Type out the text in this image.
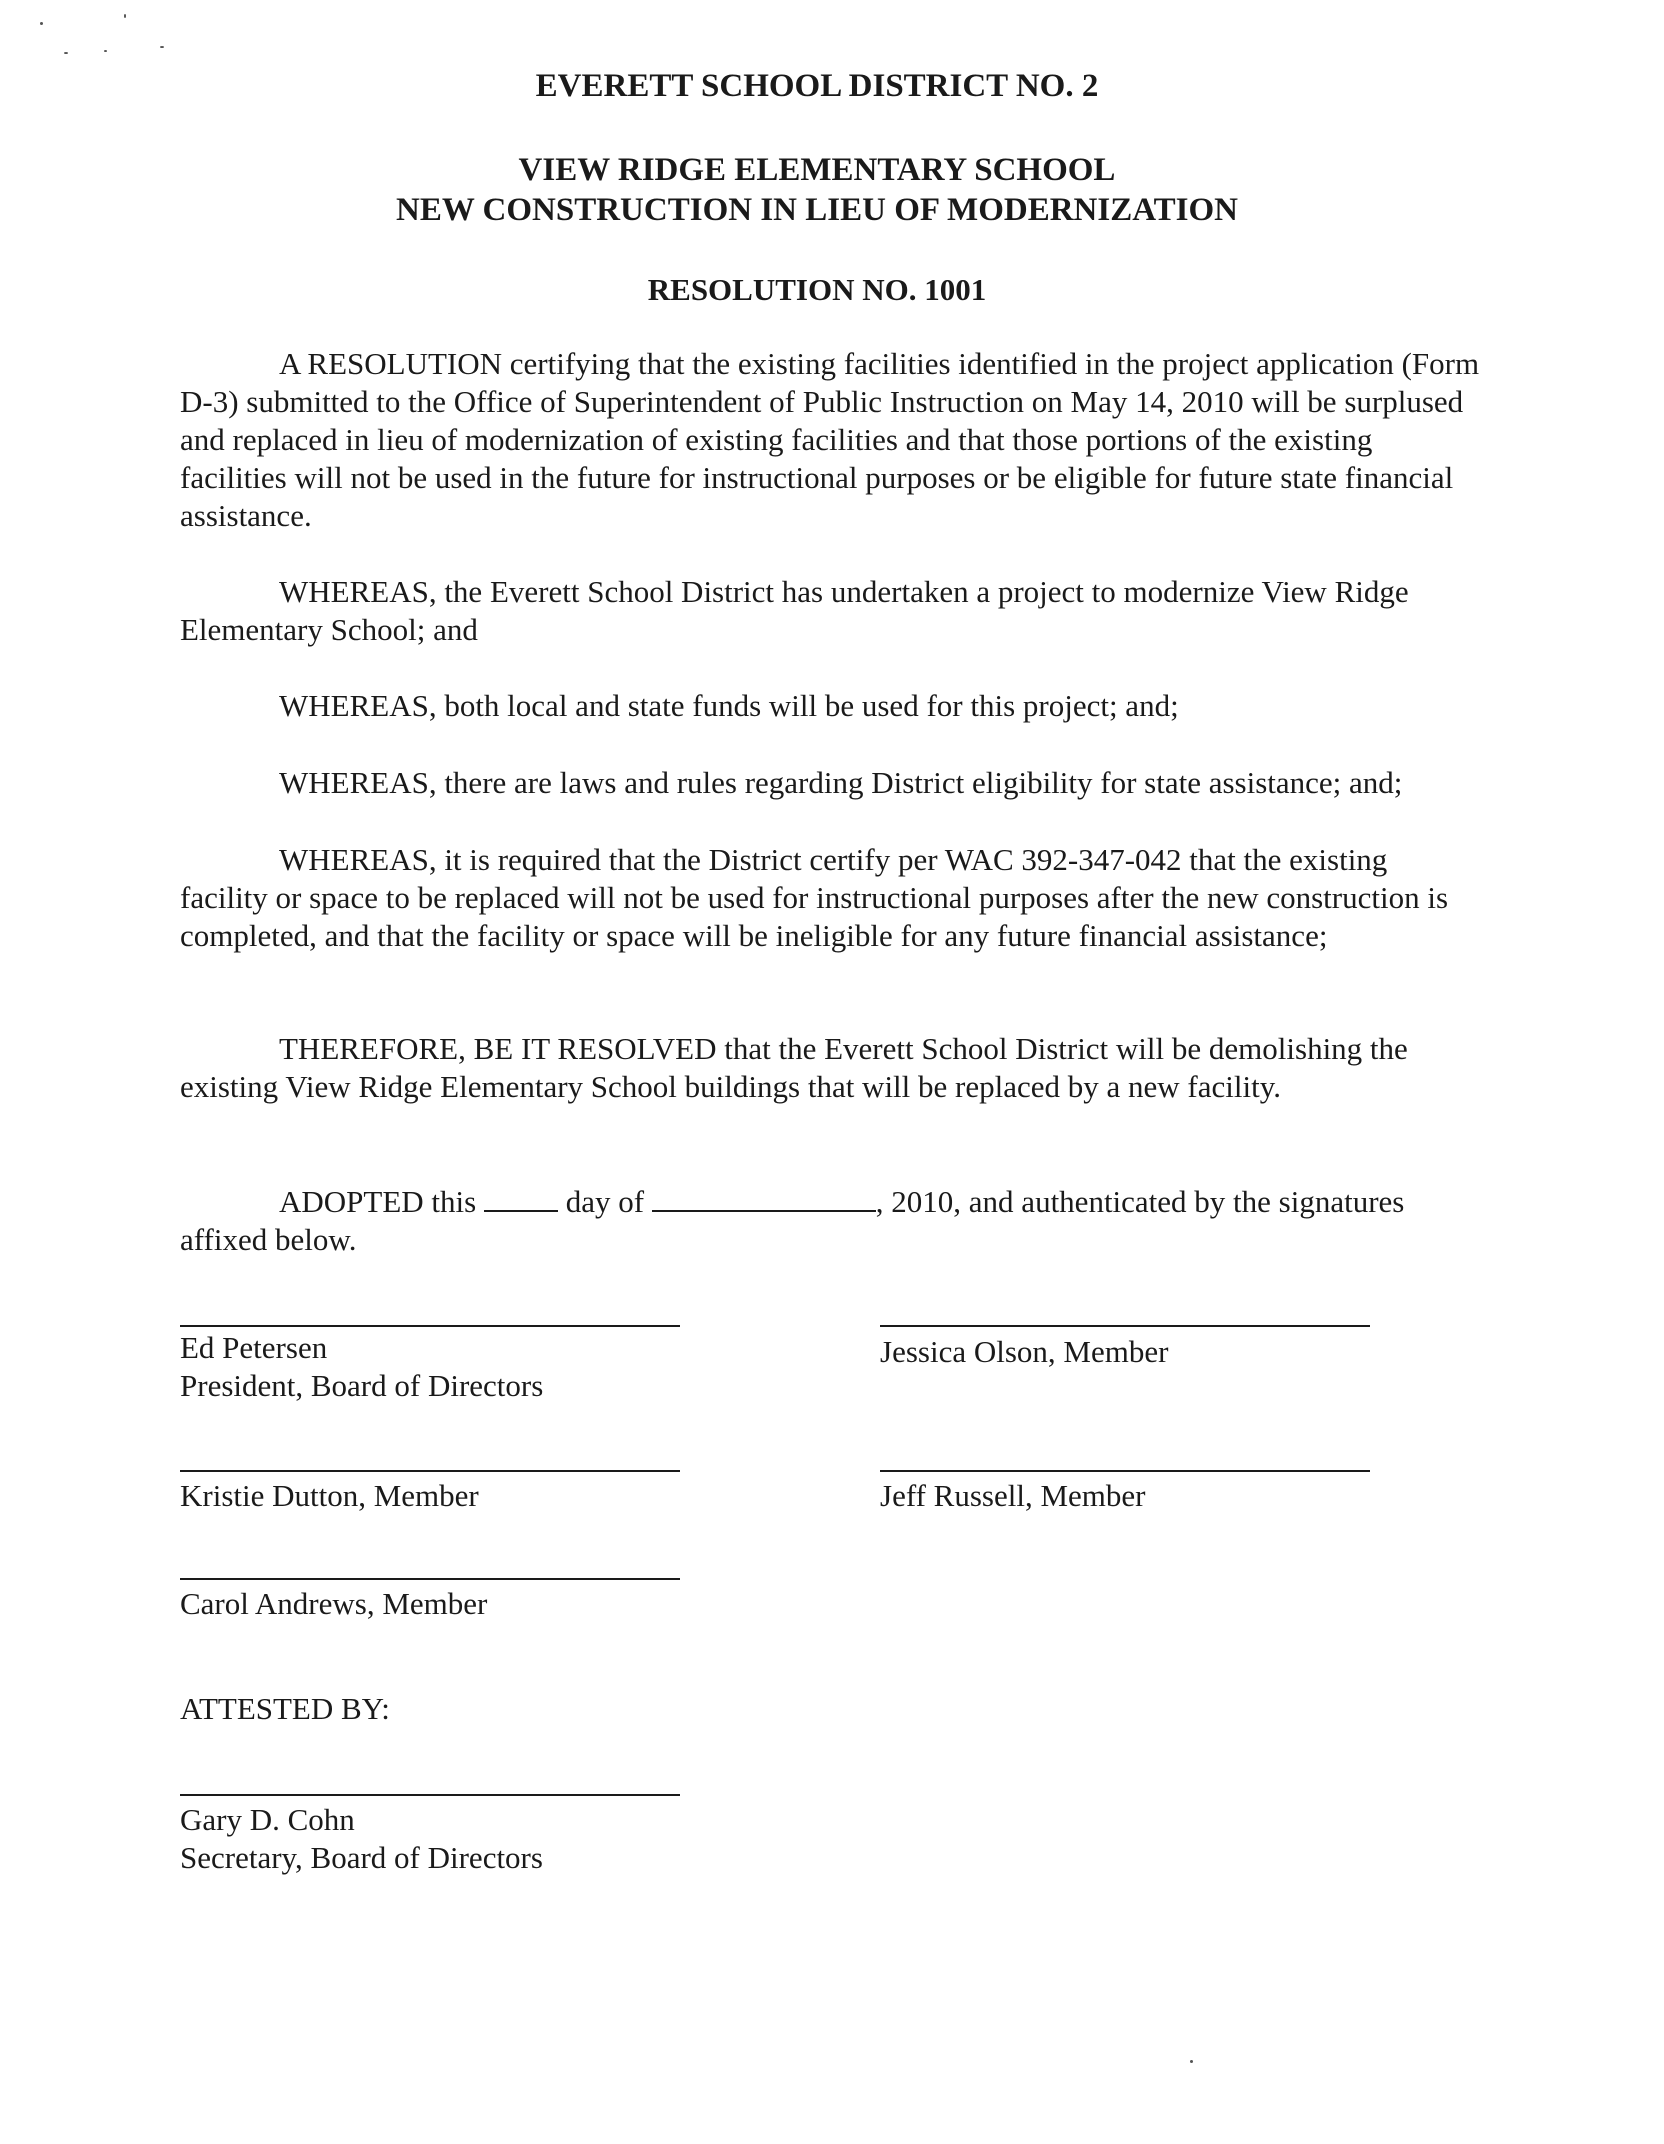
EVERETT SCHOOL DISTRICT NO. 2
VIEW RIDGE ELEMENTARY SCHOOL
NEW CONSTRUCTION IN LIEU OF MODERNIZATION
RESOLUTION NO. 1001

A RESOLUTION certifying that the existing facilities identified in the project application (Form D-3) submitted to the Office of Superintendent of Public Instruction on May 14, 2010 will be surplused and replaced in lieu of modernization of existing facilities and that those portions of the existing facilities will not be used in the future for instructional purposes or be eligible for future state financial assistance.

WHEREAS, the Everett School District has undertaken a project to modernize View Ridge Elementary School; and

WHEREAS, both local and state funds will be used for this project; and;

WHEREAS, there are laws and rules regarding District eligibility for state assistance; and;

WHEREAS, it is required that the District certify per WAC 392-347-042 that the existing facility or space to be replaced will not be used for instructional purposes after the new construction is completed, and that the facility or space will be ineligible for any future financial assistance;

THEREFORE, BE IT RESOLVED that the Everett School District will be demolishing the existing View Ridge Elementary School buildings that will be replaced by a new facility.

ADOPTED this	day of	, 2010, and authenticated by the signatures affixed below.

Ed Petersen

President, Board of Directors

Jessica Olson, Member

Kristie Dutton, Member	Jeff Russell, Member

Carol Andrews, Member

ATTESTED BY:

Gary D. Cohn

Secretary, Board of Directors
